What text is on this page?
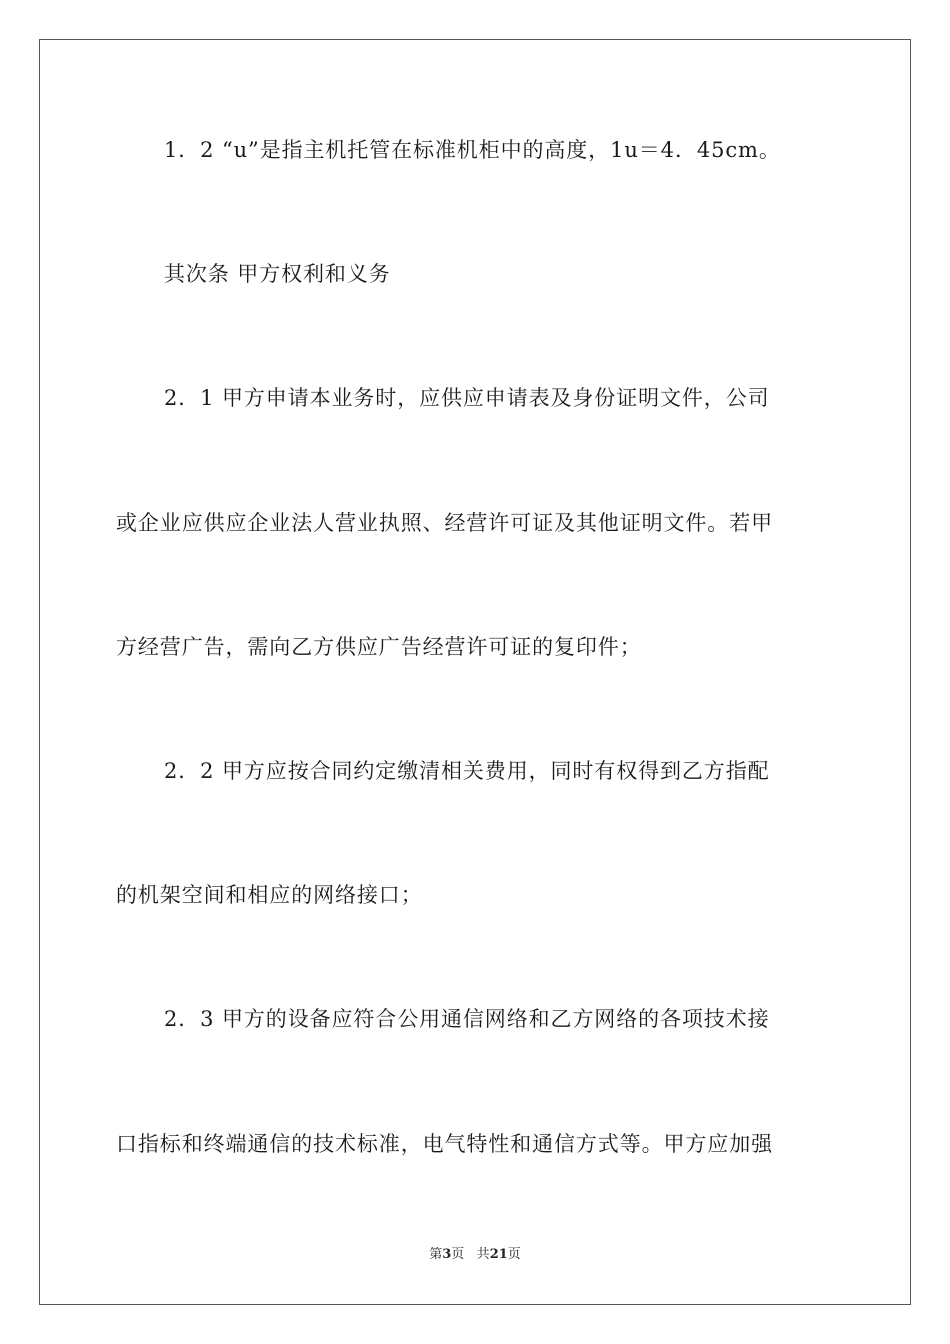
1．2 “u”是指主机托管在标准机柜中的高度，1u＝4．45cm。
其次条 甲方权利和义务
2．1 甲方申请本业务时，应供应申请表及身份证明文件，公司
或企业应供应企业法人营业执照、经营许可证及其他证明文件。若甲
方经营广告，需向乙方供应广告经营许可证的复印件；
2．2 甲方应按合同约定缴清相关费用，同时有权得到乙方指配
的机架空间和相应的网络接口；
2．3 甲方的设备应符合公用通信网络和乙方网络的各项技术接
口指标和终端通信的技术标准，电气特性和通信方式等。甲方应加强
第3页 共21页
